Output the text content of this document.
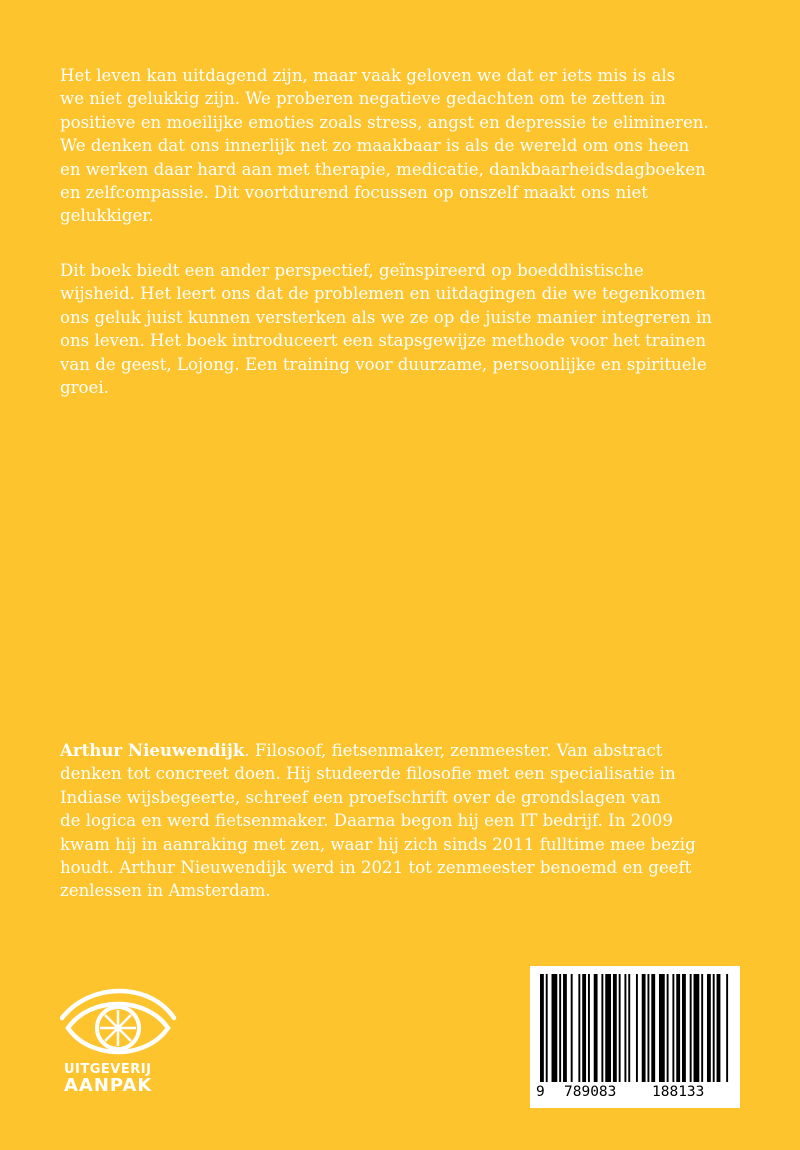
Het leven kan uitdagend zijn, maar vaak geloven we dat er iets mis is als
we niet gelukkig zijn. We proberen negatieve gedachten om te zetten in
positieve en moeilijke emoties zoals stress, angst en depressie te elimineren.
We denken dat ons innerlijk net zo maakbaar is als de wereld om ons heen
en werken daar hard aan met therapie, medicatie, dankbaarheidsdagboeken
en zelfcompassie. Dit voortdurend focussen op onszelf maakt ons niet
gelukkiger.
Dit boek biedt een ander perspectief, geïnspireerd op boeddhistische
wijsheid. Het leert ons dat de problemen en uitdagingen die we tegenkomen
ons geluk juist kunnen versterken als we ze op de juiste manier integreren in
ons leven. Het boek introduceert een stapsgewijze methode voor het trainen
van de geest, Lojong. Een training voor duurzame, persoonlijke en spirituele
groei.
Arthur Nieuwendijk. Filosoof, fietsenmaker, zenmeester. Van abstract
denken tot concreet doen. Hij studeerde filosofie met een specialisatie in
Indiase wijsbegeerte, schreef een proefschrift over de grondslagen van
de logica en werd fietsenmaker. Daarna begon hij een IT bedrijf. In 2009
kwam hij in aanraking met zen, waar hij zich sinds 2011 fulltime mee bezig
houdt. Arthur Nieuwendijk werd in 2021 tot zenmeester benoemd en geeft
zenlessen in Amsterdam.
UITGEVERIJ
AANPAK	9 789083 188133
